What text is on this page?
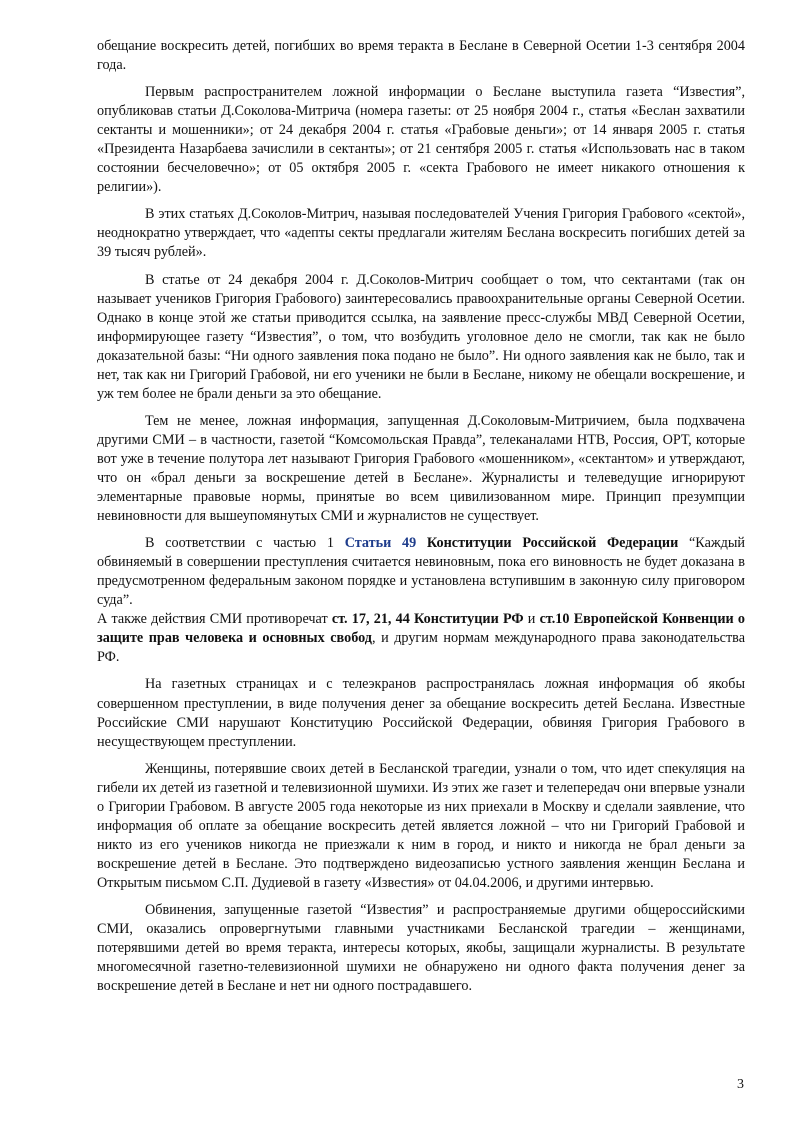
обещание воскресить детей, погибших во время теракта в Беслане в Северной Осетии 1-3 сентября 2004 года.

Первым распространителем ложной информации о Беслане выступила газета “Известия”, опубликовав статьи Д.Соколова-Митрича (номера газеты: от 25 ноября 2004 г., статья «Беслан захватили сектанты и мошенники»; от 24 декабря 2004 г. статья «Грабовые деньги»; от 14 января 2005 г. статья «Президента Назарбаева зачислили в сектанты»; от 21 сентября 2005 г. статья «Использовать нас в таком состоянии бесчеловечно»; от 05 октября 2005 г. «секта Грабового не имеет никакого отношения к религии»).

В этих статьях Д.Соколов-Митрич, называя последователей Учения Григория Грабового «сектой», неоднократно утверждает, что «адепты секты предлагали жителям Беслана воскресить погибших детей за 39 тысяч рублей».

В статье от 24 декабря 2004 г. Д.Соколов-Митрич сообщает о том, что сектантами (так он называет учеников Григория Грабового) заинтересовались правоохранительные органы Северной Осетии. Однако в конце этой же статьи приводится ссылка, на заявление пресс-службы МВД Северной Осетии, информирующее газету “Известия”, о том, что возбудить уголовное дело не смогли, так как не было доказательной базы: “Ни одного заявления пока подано не было”. Ни одного заявления как не было, так и нет, так как ни Григорий Грабовой, ни его ученики не были в Беслане, никому не обещали воскрешение, и уж тем более не брали деньги за это обещание.

Тем не менее, ложная информация, запущенная Д.Соколовым-Митричием, была подхвачена другими СМИ – в частности, газетой “Комсомольская Правда”, телеканалами НТВ, Россия, ОРТ, которые вот уже в течение полутора лет называют Григория Грабового «мошенником», «сектантом» и утверждают, что он «брал деньги за воскрешение детей в Беслане». Журналисты и телеведущие игнорируют элементарные правовые нормы, принятые во всем цивилизованном мире. Принцип презумпции невиновности для вышеупомянутых СМИ и журналистов не существует.

В соответствии с частью 1 Статьи 49 Конституции Российской Федерации “Каждый обвиняемый в совершении преступления считается невиновным, пока его виновность не будет доказана в предусмотренном федеральным законом порядке и установлена вступившим в законную силу приговором суда”.

А также действия СМИ противоречат ст. 17, 21, 44 Конституции РФ и ст.10 Европейской Конвенции о защите прав человека и основных свобод, и другим нормам международного права законодательства РФ.

На газетных страницах и с телеэкранов распространялась ложная информация об якобы совершенном преступлении, в виде получения денег за обещание воскресить детей Беслана. Известные Российские СМИ нарушают Конституцию Российской Федерации, обвиняя Григория Грабового в несуществующем преступлении.

Женщины, потерявшие своих детей в Бесланской трагедии, узнали о том, что идет спекуляция на гибели их детей из газетной и телевизионной шумихи. Из этих же газет и телепередач они впервые узнали о Григории Грабовом. В августе 2005 года некоторые из них приехали в Москву и сделали заявление, что информация об оплате за обещание воскресить детей является ложной – что ни Григорий Грабовой и никто из его учеников никогда не приезжали к ним в город, и никто и никогда не брал деньги за воскрешение детей в Беслане. Это подтверждено видеозаписью устного заявления женщин Беслана и Открытым письмом С.П. Дудиевой в газету «Известия» от 04.04.2006, и другими интервью.

Обвинения, запущенные газетой “Известия” и распространяемые другими общероссийскими СМИ, оказались опровергнутыми главными участниками Бесланской трагедии – женщинами, потерявшими детей во время теракта, интересы которых, якобы, защищали журналисты. В результате многомесячной газетно-телевизионной шумихи не обнаружено ни одного факта получения денег за воскрешение детей в Беслане и нет ни одного пострадавшего.

3
